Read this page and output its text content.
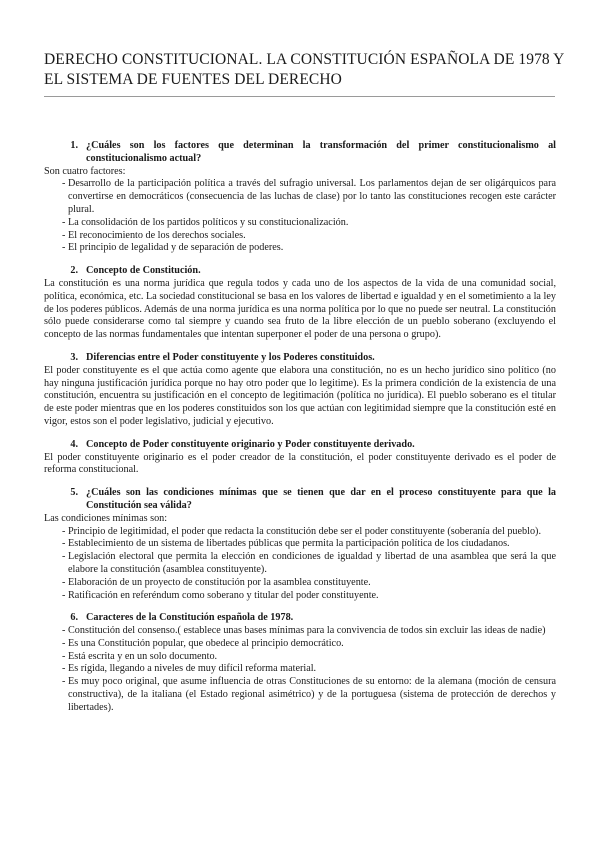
DERECHO CONSTITUCIONAL. LA CONSTITUCIÓN ESPAÑOLA DE 1978 Y EL SISTEMA DE FUENTES DEL DERECHO
1. ¿Cuáles son los factores que determinan la transformación del primer constitucionalismo al constitucionalismo actual?

Son cuatro factores:

- Desarrollo de la participación política a través del sufragio universal. Los parlamentos dejan de ser oligárquicos para convertirse en democráticos (consecuencia de las luchas de clase) por lo tanto las constituciones recogen este carácter plural.
- La consolidación de los partidos políticos y su constitucionalización.
- El reconocimiento de los derechos sociales.
- El principio de legalidad y de separación de poderes.
2. Concepto de Constitución.

La constitución es una norma jurídica que regula todos y cada uno de los aspectos de la vida de una comunidad social, política, económica, etc. La sociedad constitucional se basa en los valores de libertad e igualdad y en el sometimiento a la ley de los poderes públicos. Además de una norma jurídica es una norma política por lo que no puede ser neutral. La constitución sólo puede considerarse como tal siempre y cuando sea fruto de la libre elección de un pueblo soberano (excluyendo el concepto de las normas fundamentales que intentan superponer el poder de una persona o grupo).

3. Diferencias entre el Poder constituyente y los Poderes constituidos.

El poder constituyente es el que actúa como agente que elabora una constitución, no es un hecho jurídico sino político (no hay ninguna justificación jurídica porque no hay otro poder que lo legitime). Es la primera condición de la existencia de una constitución, encuentra su justificación en el concepto de legitimación (política no jurídica). El pueblo soberano es el titular de este poder mientras que en los poderes constituidos son los que actúan con legitimidad siempre que la constitución esté en vigor, estos son el poder legislativo, judicial y ejecutivo.

4. Concepto de Poder constituyente originario y Poder constituyente derivado.

El poder constituyente originario es el poder creador de la constitución, el poder constituyente derivado es el poder de reforma constitucional.

5. ¿Cuáles son las condiciones mínimas que se tienen que dar en el proceso constituyente para que la Constitución sea válida?

Las condiciones mínimas son:

- Principio de legitimidad, el poder que redacta la constitución debe ser el poder constituyente (soberanía del pueblo).
- Establecimiento de un sistema de libertades públicas que permita la participación política de los ciudadanos.
- Legislación electoral que permita la elección en condiciones de igualdad y libertad de una asamblea que será la que elabore la constitución (asamblea constituyente).
- Elaboración de un proyecto de constitución por la asamblea constituyente.
- Ratificación en referéndum como soberano y titular del poder constituyente.
6. Caracteres de la Constitución española de 1978.
- Constitución del consenso.( establece unas bases mínimas para la convivencia de todos sin excluir las ideas de nadie)
- Es una Constitución popular, que obedece al principio democrático.
- Está escrita y en un solo documento.
- Es rígida, llegando a niveles de muy difícil reforma material.
- Es muy poco original, que asume influencia de otras Constituciones de su entorno: de la alemana (moción de censura constructiva), de la italiana (el Estado regional asimétrico) y de la portuguesa (sistema de protección de derechos y libertades).
